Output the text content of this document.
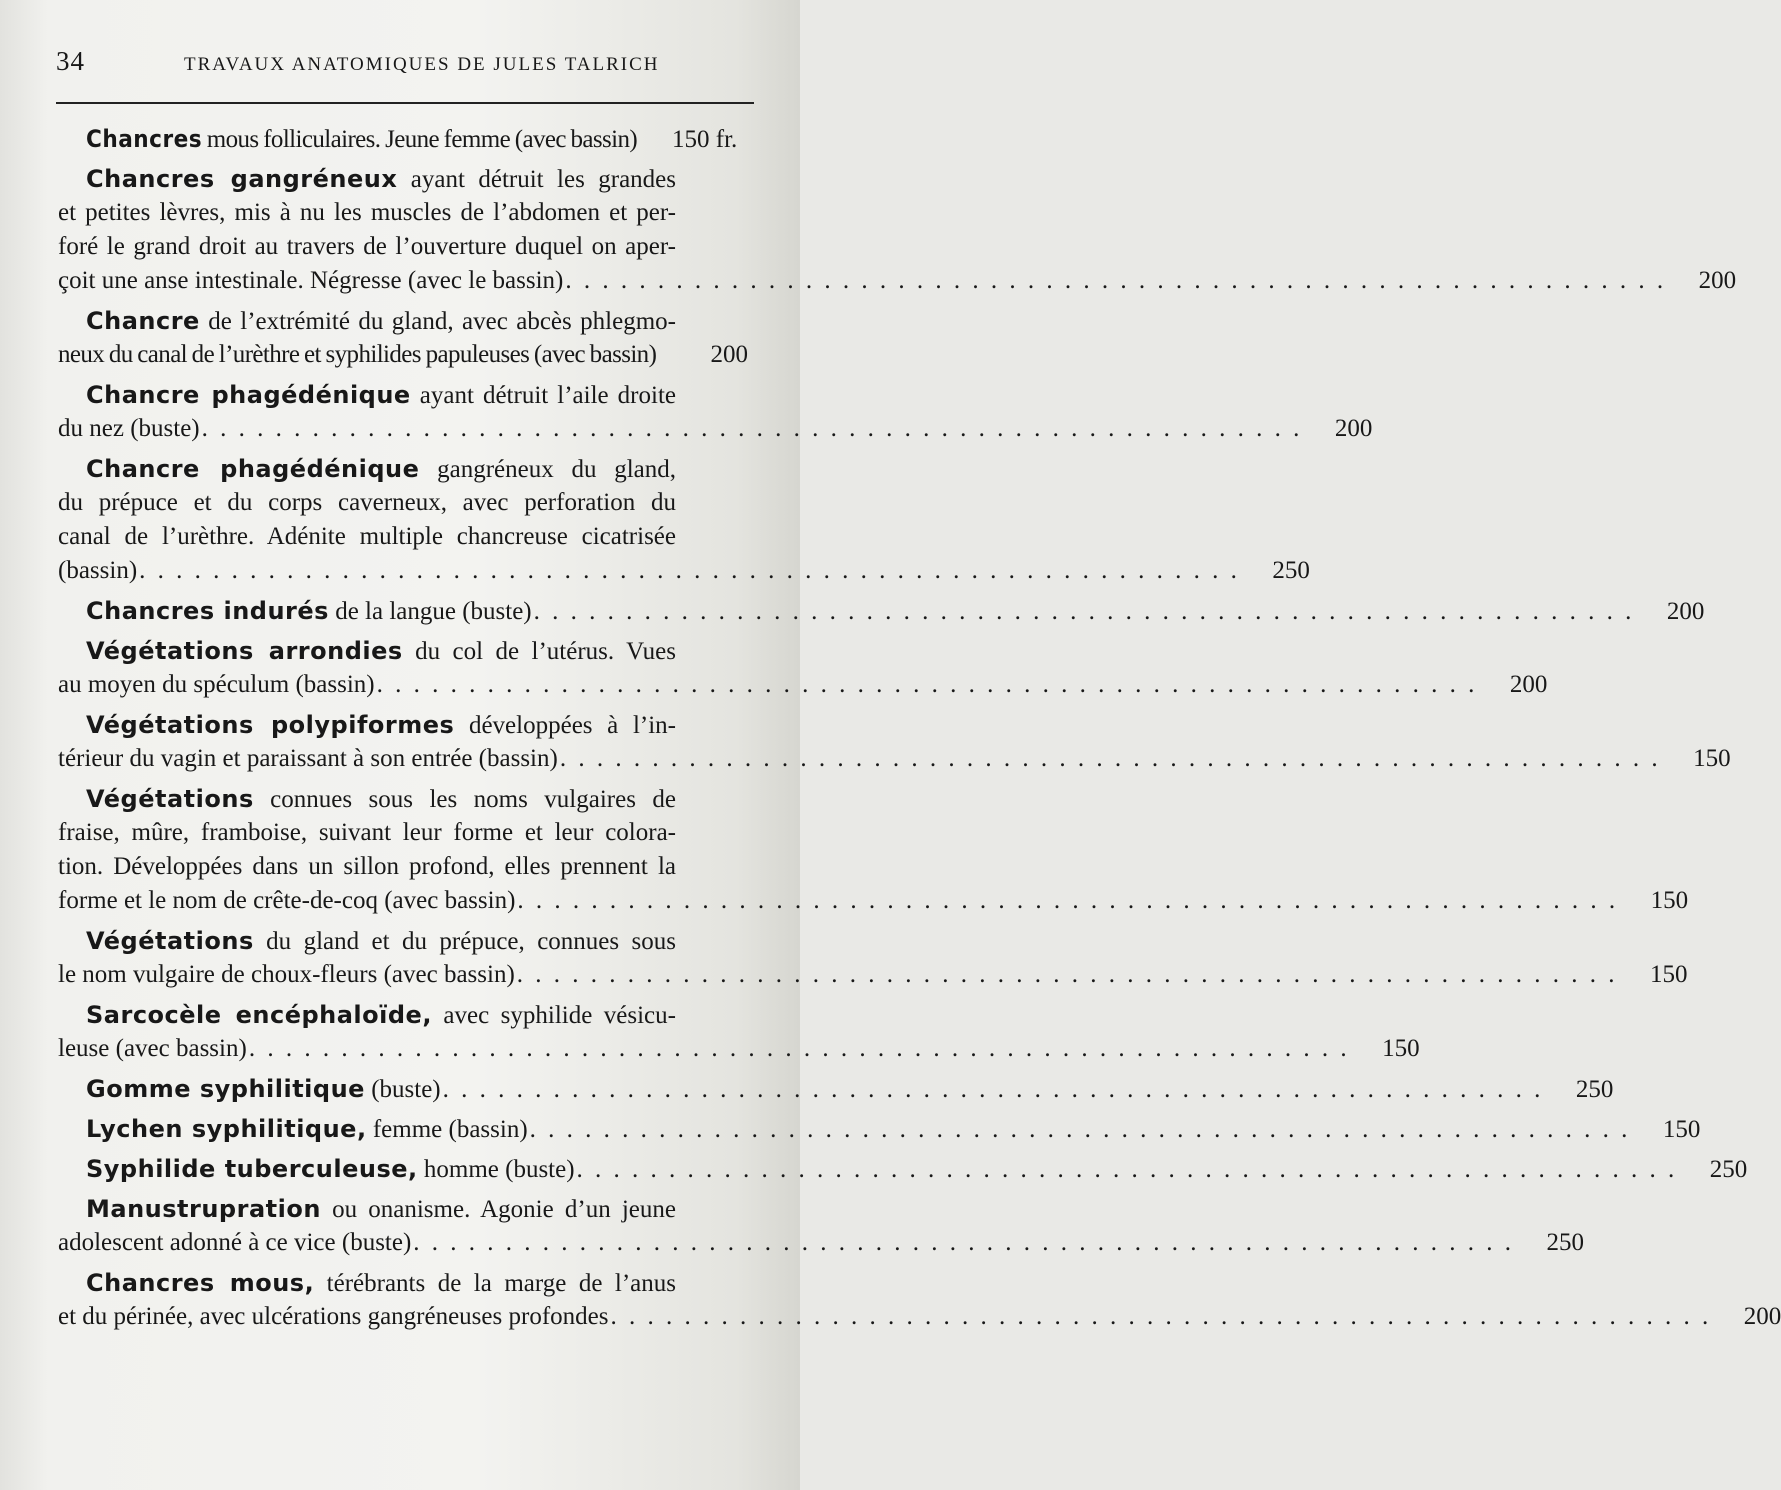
34	TRAVAUX ANATOMIQUES DE JULES TALRICH
Chancres mous folliculaires. Jeune femme (avec bassin)	150 fr.
Chancres gangréneux ayant détruit les grandes
et petites lèvres, mis à nu les muscles de l’abdomen et per-
foré le grand droit au travers de l’ouverture duquel on aper-
çoit une anse intestinale. Négresse (avec le bassin) . . . . . . . . . . . . . . . . . . . . . . . . . . . . . . . . . . . . . . . . . . . . . . . . . . . . . . . . . . . .	200
Chancre de l’extrémité du gland, avec abcès phlegmo-
neux du canal de l’urèthre et syphilides papuleuses (avec bassin)	200
Chancre phagédénique ayant détruit l’aile droite
du nez (buste) . . . . . . . . . . . . . . . . . . . . . . . . . . . . . . . . . . . . . . . . . . . . . . . . . . . . . . . . . . . .	200
Chancre phagédénique gangréneux du gland,
du prépuce et du corps caverneux, avec perforation du
canal de l’urèthre. Adénite multiple chancreuse cicatrisée
(bassin) . . . . . . . . . . . . . . . . . . . . . . . . . . . . . . . . . . . . . . . . . . . . . . . . . . . . . . . . . . . .	250
Chancres indurés de la langue (buste) . . . . . . . . . . . . . . . . . . . . . . . . . . . . . . . . . . . . . . . . . . . . . . . . . . . . . . . . . . . .	200
Végétations arrondies du col de l’utérus. Vues
au moyen du spéculum (bassin) . . . . . . . . . . . . . . . . . . . . . . . . . . . . . . . . . . . . . . . . . . . . . . . . . . . . . . . . . . . .	200
Végétations polypiformes développées à l’in-
térieur du vagin et paraissant à son entrée (bassin) . . . . . . . . . . . . . . . . . . . . . . . . . . . . . . . . . . . . . . . . . . . . . . . . . . . . . . . . . . . .	150
Végétations connues sous les noms vulgaires de
fraise, mûre, framboise, suivant leur forme et leur colora-
tion. Développées dans un sillon profond, elles prennent la
forme et le nom de crête-de-coq (avec bassin) . . . . . . . . . . . . . . . . . . . . . . . . . . . . . . . . . . . . . . . . . . . . . . . . . . . . . . . . . . . .	150
Végétations du gland et du prépuce, connues sous
le nom vulgaire de choux-fleurs (avec bassin) . . . . . . . . . . . . . . . . . . . . . . . . . . . . . . . . . . . . . . . . . . . . . . . . . . . . . . . . . . . .	150
Sarcocèle encéphaloïde, avec syphilide vésicu-
leuse (avec bassin) . . . . . . . . . . . . . . . . . . . . . . . . . . . . . . . . . . . . . . . . . . . . . . . . . . . . . . . . . . . .	150
Gomme syphilitique (buste) . . . . . . . . . . . . . . . . . . . . . . . . . . . . . . . . . . . . . . . . . . . . . . . . . . . . . . . . . . . .	250
Lychen syphilitique, femme (bassin) . . . . . . . . . . . . . . . . . . . . . . . . . . . . . . . . . . . . . . . . . . . . . . . . . . . . . . . . . . . .	150
Syphilide tuberculeuse, homme (buste) . . . . . . . . . . . . . . . . . . . . . . . . . . . . . . . . . . . . . . . . . . . . . . . . . . . . . . . . . . . .	250
Manustrupration ou onanisme. Agonie d’un jeune
adolescent adonné à ce vice (buste) . . . . . . . . . . . . . . . . . . . . . . . . . . . . . . . . . . . . . . . . . . . . . . . . . . . . . . . . . . . .	250
Chancres mous, térébrants de la marge de l’anus
et du périnée, avec ulcérations gangréneuses profondes . . . . . . . . . . . . . . . . . . . . . . . . . . . . . . . . . . . . . . . . . . . . . . . . . . . . . . . . . . . .	200
